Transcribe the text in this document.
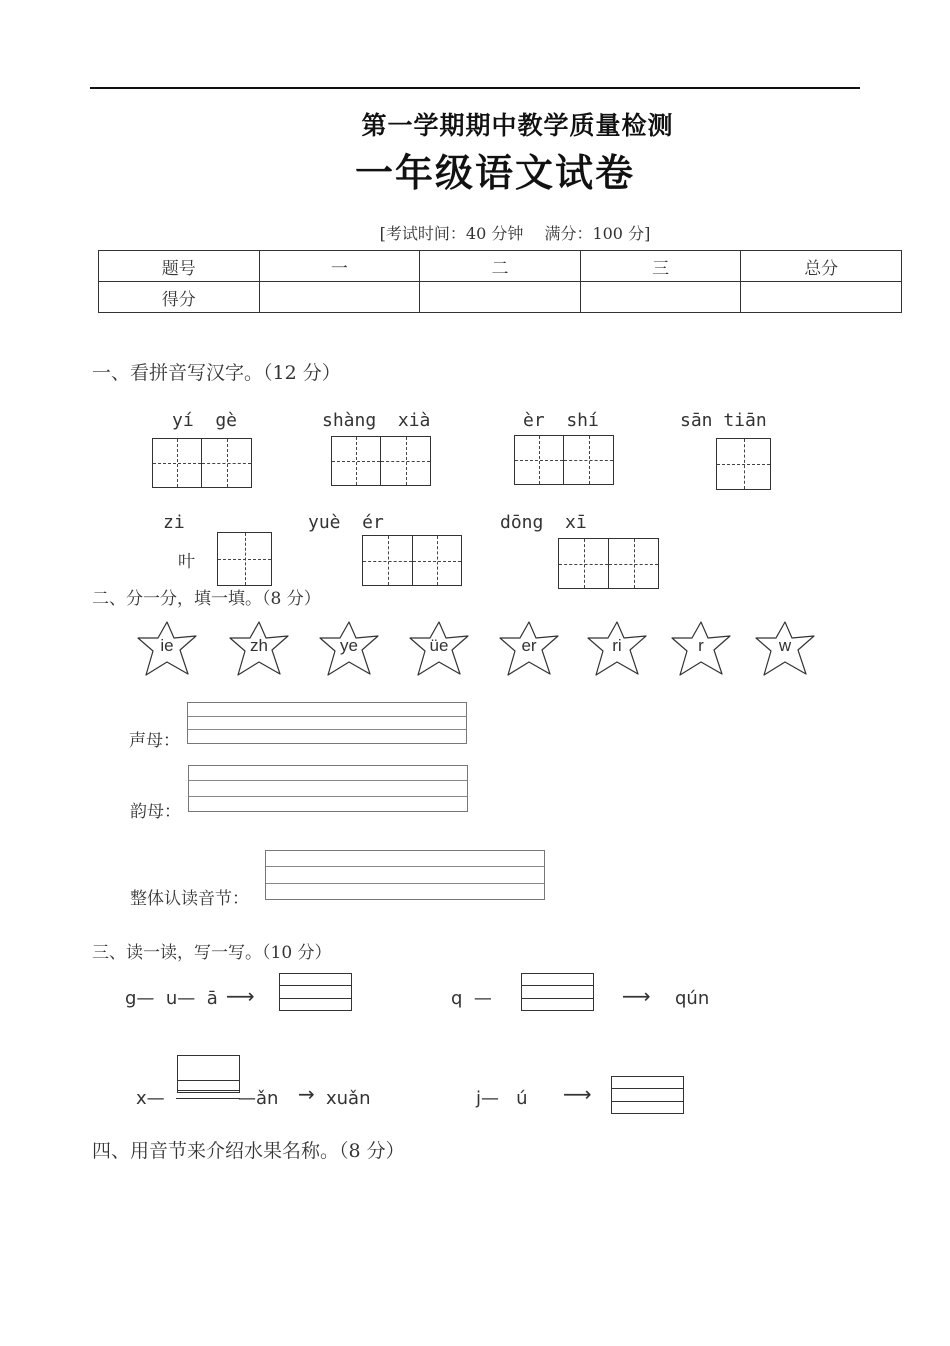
第一学期期中教学质量检测
一年级语文试卷
[考试时间：40 分钟　 满分：100 分]
题号	一	二	三	总分
得分				
一、看拼音写汉字。（12 分）
yí  gè	shàng  xià	èr  shí	sān tiān
zi
叶
yuè  ér	dōng  xī
二、分一分，填一填。（8 分）
ie	zh	ye	üe	er	ri	r	w
声母：
韵母：
整体认读音节：
三、读一读，写一写。（10 分）
g—  u—  ā ⟶	q  —	⟶ qún
x—	—ǎn → xuǎn	j—   ú ⟶
四、用音节来介绍水果名称。（8 分）
